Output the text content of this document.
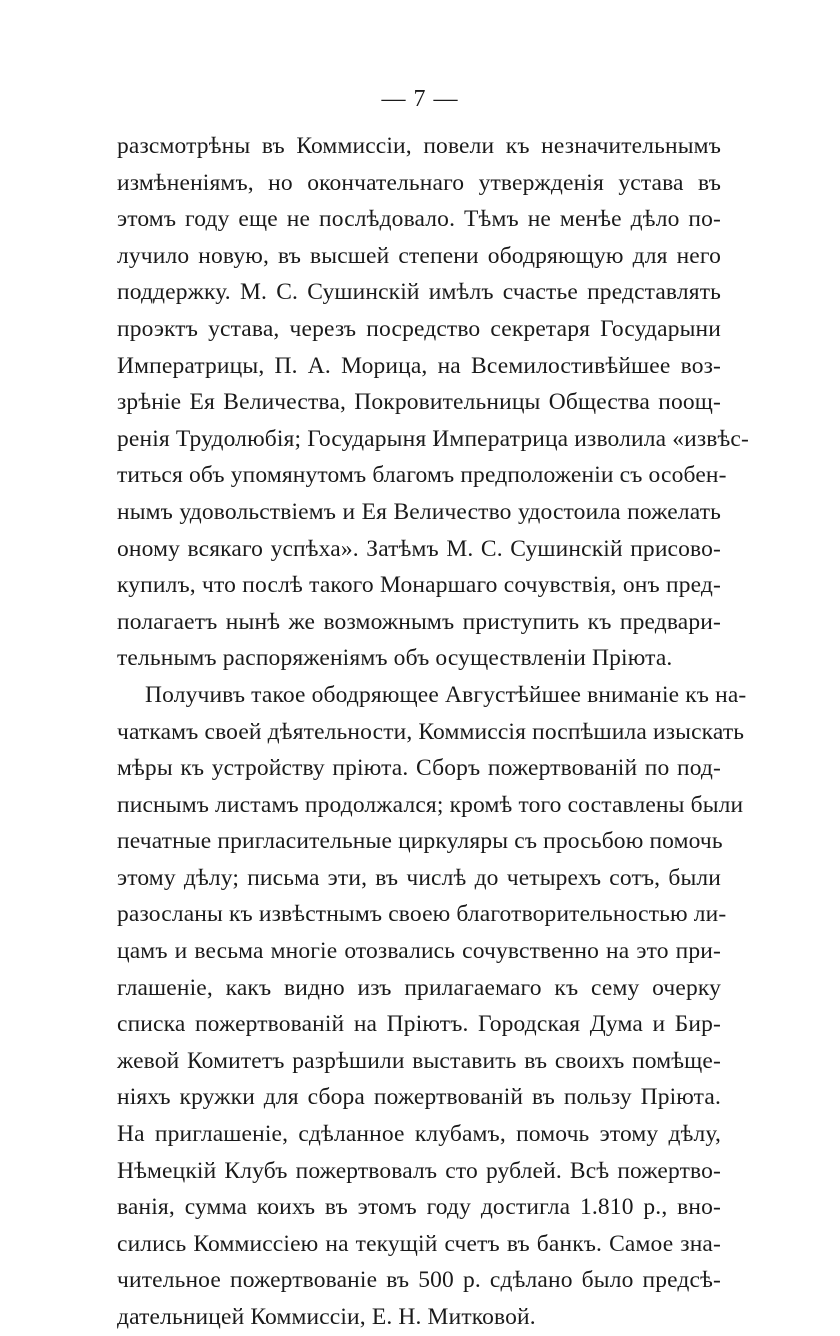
— 7 —
разсмотрѣны въ Коммиссіи, повели къ незначительнымъ
измѣненіямъ, но окончательнаго утвержденія устава въ
этомъ году еще не послѣдовало. Тѣмъ не менѣе дѣло по-
лучило новую, въ высшей степени ободряющую для него
поддержку. М. С. Сушинскій имѣлъ счастье представлять
проэктъ устава, черезъ посредство секретаря Государыни
Императрицы, П. А. Морица, на Всемилостивѣйшее воз-
зрѣніе Ея Величества, Покровительницы Общества поощ-
ренія Трудолюбія; Государыня Императрица изволила «извѣс-
титься объ упомянутомъ благомъ предположеніи съ особен-
нымъ удовольствіемъ и Ея Величество удостоила пожелать
оному всякаго успѣха». Затѣмъ М. С. Сушинскій присово-
купилъ, что послѣ такого Монаршаго сочувствія, онъ пред-
полагаетъ нынѣ же возможнымъ приступить къ предвари-
тельнымъ распоряженіямъ объ осуществленіи Пріюта.
Получивъ такое ободряющее Августѣйшее вниманіе къ на-
чаткамъ своей дѣятельности, Коммиссія поспѣшила изыскать
мѣры къ устройству пріюта. Сборъ пожертвованій по под-
писнымъ листамъ продолжался; кромѣ того составлены были
печатные пригласительные циркуляры съ просьбою помочь
этому дѣлу; письма эти, въ числѣ до четырехъ сотъ, были
разосланы къ извѣстнымъ своею благотворительностью ли-
цамъ и весьма многіе отозвались сочувственно на это при-
глашеніе, какъ видно изъ прилагаемаго къ сему очерку
списка пожертвованій на Пріютъ. Городская Дума и Бир-
жевой Комитетъ разрѣшили выставить въ своихъ помѣще-
ніяхъ кружки для сбора пожертвованій въ пользу Пріюта.
На приглашеніе, сдѣланное клубамъ, помочь этому дѣлу,
Нѣмецкій Клубъ пожертвовалъ сто рублей. Всѣ пожертво-
ванія, сумма коихъ въ этомъ году достигла 1.810 р., вно-
сились Коммиссіею на текущій счетъ въ банкъ. Самое зна-
чительное пожертвованіе въ 500 р. сдѣлано было предсѣ-
дательницей Коммиссіи, Е. Н. Митковой.
